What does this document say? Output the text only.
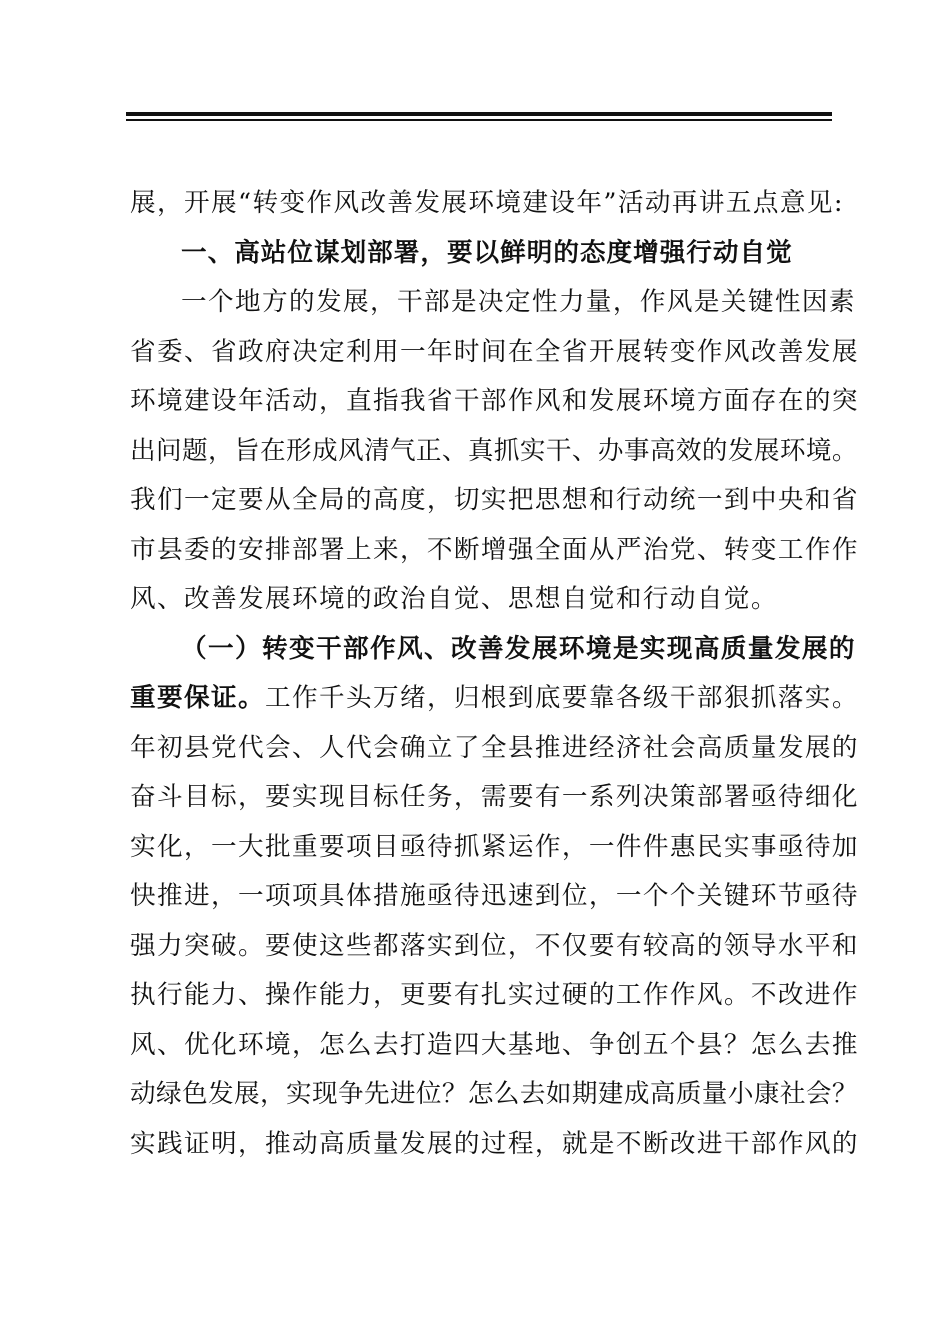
展，开展“转变作风改善发展环境建设年”活动再讲五点意见:
一、高站位谋划部署，要以鲜明的态度增强行动自觉
一个地方的发展，干部是决定性力量，作风是关键性因素
省委、省政府决定利用一年时间在全省开展转变作风改善发展
环境建设年活动，直指我省干部作风和发展环境方面存在的突
出问题，旨在形成风清气正、真抓实干、办事高效的发展环境。
我们一定要从全局的高度，切实把思想和行动统一到中央和省
市县委的安排部署上来，不断增强全面从严治党、转变工作作
风、改善发展环境的政治自觉、思想自觉和行动自觉。
（一）转变干部作风、改善发展环境是实现高质量发展的
重要保证。工作千头万绪，归根到底要靠各级干部狠抓落实。
年初县党代会、人代会确立了全县推进经济社会高质量发展的
奋斗目标，要实现目标任务，需要有一系列决策部署亟待细化
实化，一大批重要项目亟待抓紧运作，一件件惠民实事亟待加
快推进，一项项具体措施亟待迅速到位，一个个关键环节亟待
强力突破。要使这些都落实到位，不仅要有较高的领导水平和
执行能力、操作能力，更要有扎实过硬的工作作风。不改进作
风、优化环境，怎么去打造四大基地、争创五个县？怎么去推
动绿色发展，实现争先进位？怎么去如期建成高质量小康社会？
实践证明，推动高质量发展的过程，就是不断改进干部作风的
